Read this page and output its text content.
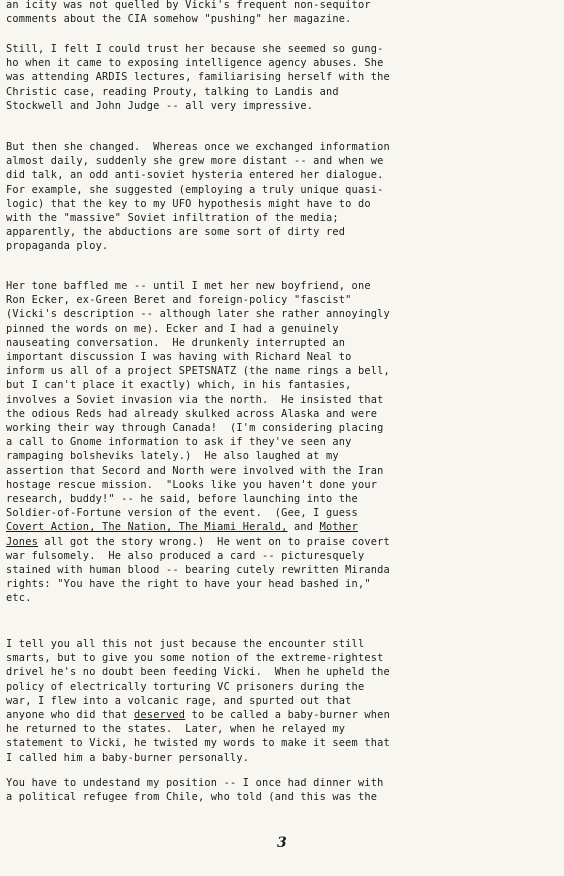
an icity was not quelled by Vicki's frequent non-sequitor
comments about the CIA somehow "pushing" her magazine.
Still, I felt I could trust her because she seemed so gung-
ho when it came to exposing intelligence agency abuses. She
was attending ARDIS lectures, familiarising herself with the
Christic case, reading Prouty, talking to Landis and
Stockwell and John Judge -- all very impressive.
But then she changed.  Whereas once we exchanged information
almost daily, suddenly she grew more distant -- and when we
did talk, an odd anti-soviet hysteria entered her dialogue.
For example, she suggested (employing a truly unique quasi-
logic) that the key to my UFO hypothesis might have to do
with the "massive" Soviet infiltration of the media;
apparently, the abductions are some sort of dirty red
propaganda ploy.
Her tone baffled me -- until I met her new boyfriend, one
Ron Ecker, ex-Green Beret and foreign-policy "fascist"
(Vicki's description -- although later she rather annoyingly
pinned the words on me). Ecker and I had a genuinely
nauseating conversation.  He drunkenly interrupted an
important discussion I was having with Richard Neal to
inform us all of a project SPETSNATZ (the name rings a bell,
but I can't place it exactly) which, in his fantasies,
involves a Soviet invasion via the north.  He insisted that
the odious Reds had already skulked across Alaska and were
working their way through Canada!  (I'm considering placing
a call to Gnome information to ask if they've seen any
rampaging bolsheviks lately.)  He also laughed at my
assertion that Secord and North were involved with the Iran
hostage rescue mission.  "Looks like you haven't done your
research, buddy!" -- he said, before launching into the
Soldier-of-Fortune version of the event.  (Gee, I guess
Covert Action, The Nation, The Miami Herald, and Mother
Jones all got the story wrong.)  He went on to praise covert
war fulsomely.  He also produced a card -- picturesquely
stained with human blood -- bearing cutely rewritten Miranda
rights: "You have the right to have your head bashed in,"
etc.
I tell you all this not just because the encounter still
smarts, but to give you some notion of the extreme-rightest
drivel he's no doubt been feeding Vicki.  When he upheld the
policy of electrically torturing VC prisoners during the
war, I flew into a volcanic rage, and spurted out that
anyone who did that deserved to be called a baby-burner when
he returned to the states.  Later, when he relayed my
statement to Vicki, he twisted my words to make it seem that
I called him a baby-burner personally.
You have to undestand my position -- I once had dinner with
a political refugee from Chile, who told (and this was the
3
